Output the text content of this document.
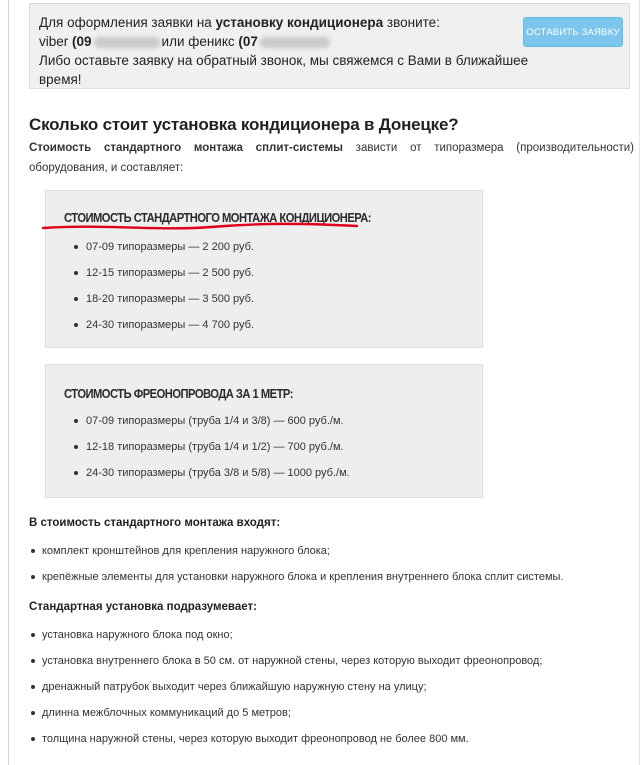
Для оформления заявки на установку кондиционера звоните:
viber (09	или феникс (07
Либо оставьте заявку на обратный звонок, мы свяжемся с Вами в ближайшее
время!
ОСТАВИТЬ ЗАЯВКУ
Сколько стоит установка кондиционера в Донецке?

Стоимость стандартного монтажа сплит-системы зависти от типоразмера (производительности) оборудования, и составляет:

СТОИМОСТЬ СТАНДАРТНОГО МОНТАЖА КОНДИЦИОНЕРА:
07-09 типоразмеры — 2 200 руб.
12-15 типоразмеры — 2 500 руб.
18-20 типоразмеры — 3 500 руб.
24-30 типоразмеры — 4 700 руб.
СТОИМОСТЬ ФРЕОНОПРОВОДА ЗА 1 МЕТР:
07-09 типоразмеры (труба 1/4 и 3/8) — 600 руб./м.
12-18 типоразмеры (труба 1/4 и 1/2) — 700 руб./м.
24-30 типоразмеры (труба 3/8 и 5/8) — 1000 руб./м.

В стоимость стандартного монтажа входят:

комплект кронштейнов для крепления наружного блока;
крепёжные элементы для установки наружного блока и крепления внутреннего блока сплит системы.

Стандартная установка подразумевает:

установка наружного блока под окно;
установка внутреннего блока в 50 см. от наружной стены, через которую выходит фреонопровод;
дренажный патрубок выходит через ближайшую наружную стену на улицу;
длинна межблочных коммуникаций до 5 метров;
толщина наружной стены, через которую выходит фреонопровод не более 800 мм.
